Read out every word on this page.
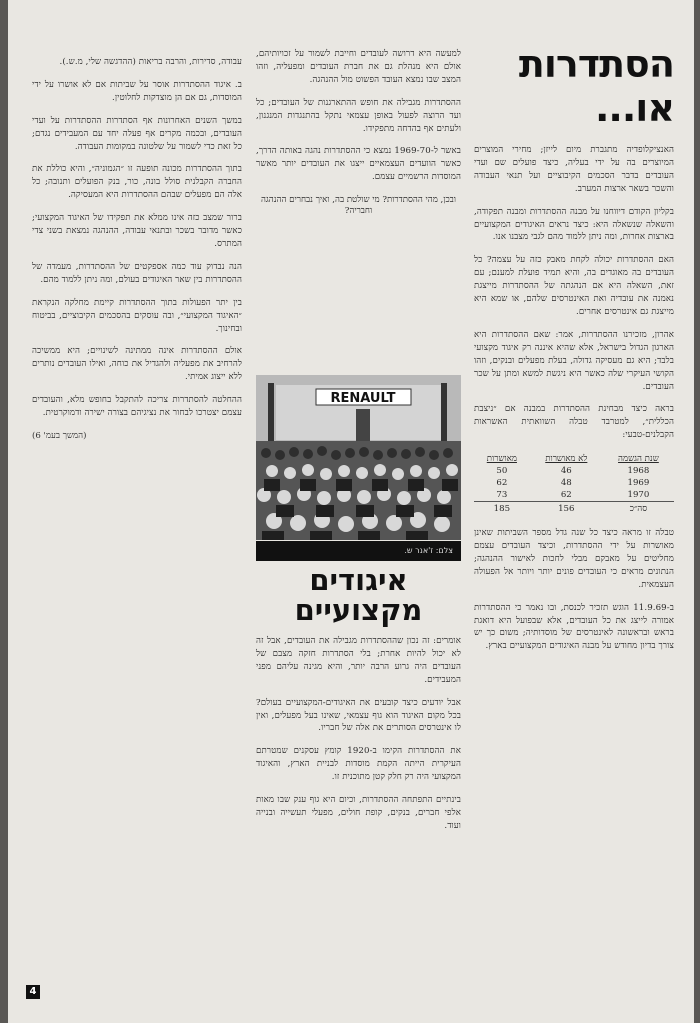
הסתדרות או...

האנציקלופדיה מתגברת מיום לייזן; מחירי המוצרים המיוצרים בה על ידי בעליה, כיצד פועלים שם ועדי העובדים בדבר הסכמים הקיבוציים ועל תנאי העבודה והשכר בשאר ארצות המערב.

בקליון הקודם דיווחנו על מבנה ההסתדרות ומבנה תפקודה, והשאלה שנשאלה היא: כיצד נראים האיגודים המקצועיים בארצות אחרות, ומה ניתן ללמוד מהם לגבי מצבנו אנו.

האם ההסתדרות יכולה לקחת מאבק כזה על עצמה? כל העובדים בה מאוגדים בה, והיא תמיד פועלת למענם; עם זאת, השאלה היא אם הנהגתה של ההסתדרות מייצגת נאמנה את עובדיה ואת האינטרסים שלהם, או שמא היא מייצגת גם אינטרסים אחרים.

אהרון, מזכירנו ההסתדרות, אמר: שאם ההסתדרות היא הארגון הגדול בישראל, אלא שהיא איננה רק איגוד מקצועי בלבד; היא גם מעסיקה גדולה, בעלת מפעלים ובנקים, וזהו הקושי העיקרי שלה כאשר היא ניגשת למשא ומתן על שכר העובדים.

בראה כיצד מבחינת ההסתדרות במבנה אם ״ניצבת הכללית״, למטרבד טבלה השוואתית האשראות הקבלנים-טבעי:

שנת הגשמה	לא מאושרות	מאושרות
1968	46	50
1969	48	62
1970	62	73
סה״כ	156	185

טבלה זו מראה כיצד כל שנה גדל מספר השביתות שאינן מאושרות על ידי ההסתדרות, וכיצד העובדים עצמם מחליטים על מאבקם מבלי לחכות לאישור ההנהגה; הנתונים מראים כי העובדים פונים יותר ויותר אל הפעולה העצמאית.

ב-11.9.69 הוגש תזכיר לכנסת, ובו נאמר כי ההסתדרות אמורה לייצג את כל העובדים, אלא שבפועל היא דואגת בראש ובראשונה לאינטרסים של מוסדותיה; משום כך יש צורך בדיון מחודש על מבנה האיגודים המקצועיים בארץ.

למעשה היא דרושה לעובדים וחייבת לשמור על זכויותיהם, אולם היא מנהלת גם את חברת העובדים ומפעליה, וזהו המצב שבו נמצא העובד הפשוט מול ההנהגה.

ההסתדרות מגבילה את חופש ההתארגנות של העובדים; כל ועד הרוצה לפעול באופן עצמאי נתקל בהתנגדות המנגנון, ולעתים אף בהדחה מתפקידו.

באשר ל-1969-70 נמצא כי ההסתדרות נהגה באותה הדרך, כאשר הוועדים העצמאיים ייצגו את העובדים יותר מאשר המוסדות הרשמיים עצמם.

ובכן, מהי ההסתדרות? מי שולטת בה, ואיך נבחרים ההנהגה וחבריה?

RENAULT
צלם: ז'אנר ש.
איגודים מקצועיים

אומרים: זה נכון שההסתדרות מגבילה את העובדים, אבל זה לא יכול להיות אחרת; בלי הסתדרות חזקה מצבם של העובדים היה גרוע הרבה יותר, והיא מגינה עליהם מפני המעבידים.

אבל יודעים כיצד קובעים את האיגודים-המקצועיים בעולם? בכל מקום האיגוד הוא גוף עצמאי, שאינו בעל מפעלים, ואין לו אינטרסים הסותרים את אלה של חבריו.

את ההסתדרות הקימו ב-1920 קומץ עסקנים שמטרתם העיקרית הייתה הקמת מוסדות לבניית הארץ, והאיגוד המקצועי היה רק חלק קטן מתוכנית זו.

בינתיים התפתחה ההסתדרות, וכיום היא גוף ענק שבו מאות אלפי חברים, בנקים, קופת חולים, מפעלי תעשייה ובנייה ועוד.

עבודה, סדירות, והרבה בריאות (ההדגשה שלי, מ.ש.).

ב. איגוד ההסתדרות אוסר על שביתות אם לא אושרו על ידי המוסדות, גם אם הן מוצדקות לחלוטין.

במשך השנים האחרונות אף הסתדרות ההסתדרות על ועדי העובדים, ובכמה מקרים אף פעלה יחד עם המעבידים נגדם; כל זאת כדי לשמור על שלטונה במקומות העבודה.

בתוך ההסתדרות מכונה תופעה זו ״הגמוניה״, והיא כוללת את החברה הקבלנית סולל בונה, כור, בנק הפועלים ותנובה; כל אלה הם מפעלים שבהם ההסתדרות היא המעסיקה.

ברור שמצב כזה אינו ממלא את תפקידו של האיגוד המקצועי; כאשר מדובר בשכר ובתנאי עבודה, ההנהגה נמצאת בשני צדי המתרס.

הנה נבדוק עוד כמה אספקטים של ההסתדרות, מעמדה של ההסתדרות בין שאר האיגודים בעולם, ומה ניתן ללמוד מהם.

בין יתר הפעולות בתוך ההסתדרות קיימת מחלקה הנקראת ״האיגוד המקצועי״, ובה עוסקים בהסכמים הקיבוציים, בביטוח ובחינוך.

אולם ההסתדרות אינה ממתינה לשינויים; היא ממשיכה להרחיב את מפעליה ולהגדיל את כוחה, ואילו העובדים נותרים ללא ייצוג אמיתי.

ההחלטה להסתדרות צריכה להתקבל בחופש מלא, והעובדים עצמם יצטרכו לבחור את נציגיהם בצורה ישירה ודמוקרטית.

(המשך בעמ' 6)
4
